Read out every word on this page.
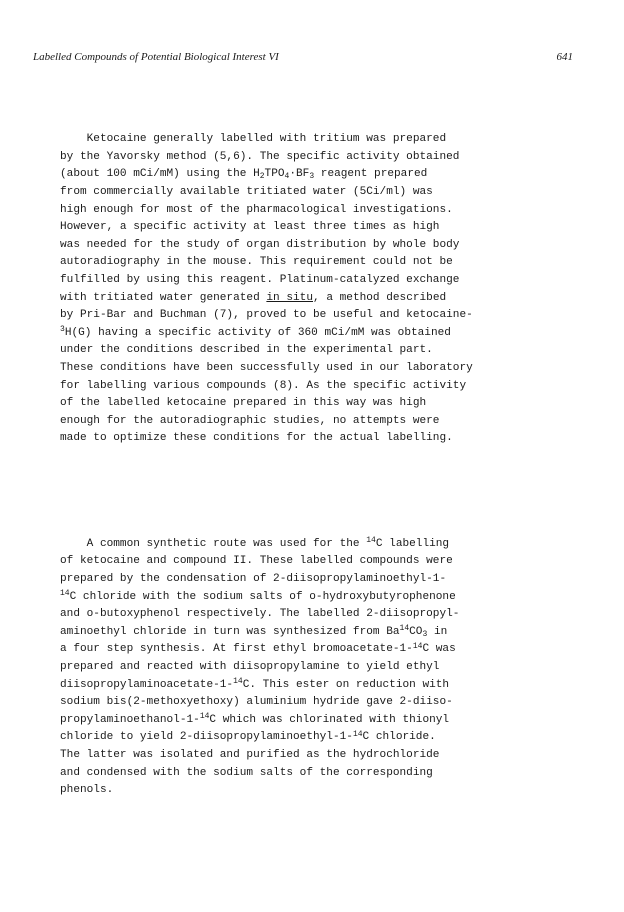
Labelled Compounds of Potential Biological Interest VI	641

Ketocaine generally labelled with tritium was prepared
by the Yavorsky method (5,6). The specific activity obtained
(about 100 mCi/mM) using the $H_2TPO_4\cdot BF_3$ reagent prepared
from commercially available tritiated water (5Ci/ml) was
high enough for most of the pharmacological investigations.
However, a specific activity at least three times as high
was needed for the study of organ distribution by whole body
autoradiography in the mouse. This requirement could not be
fulfilled by using this reagent. Platinum-catalyzed exchange
with tritiated water generated in situ, a method described
by Pri-Bar and Buchman (7), proved to be useful and ketocaine-
$^3$H(G) having a specific activity of 360 mCi/mM was obtained
under the conditions described in the experimental part.
These conditions have been successfully used in our laboratory
for labelling various compounds (8). As the specific activity
of the labelled ketocaine prepared in this way was high
enough for the autoradiographic studies, no attempts were
made to optimize these conditions for the actual labelling.

A common synthetic route was used for the $^{14}$C labelling
of ketocaine and compound II. These labelled compounds were
prepared by the condensation of 2-diisopropylaminoethyl-1-
$^{14}$C chloride with the sodium salts of o-hydroxybutyrophenone
and o-butoxyphenol respectively. The labelled 2-diisopropyl-
aminoethyl chloride in turn was synthesized from $Ba^{14}CO_3$ in
a four step synthesis. At first ethyl bromoacetate-1-$^{14}$C was
prepared and reacted with diisopropylamine to yield ethyl
diisopropylaminoacetate-1-$^{14}$C. This ester on reduction with
sodium bis(2-methoxyethoxy) aluminium hydride gave 2-diiso-
propylaminoethanol-1-$^{14}$C which was chlorinated with thionyl
chloride to yield 2-diisopropylaminoethyl-1-$^{14}$C chloride.
The latter was isolated and purified as the hydrochloride
and condensed with the sodium salts of the corresponding
phenols.
